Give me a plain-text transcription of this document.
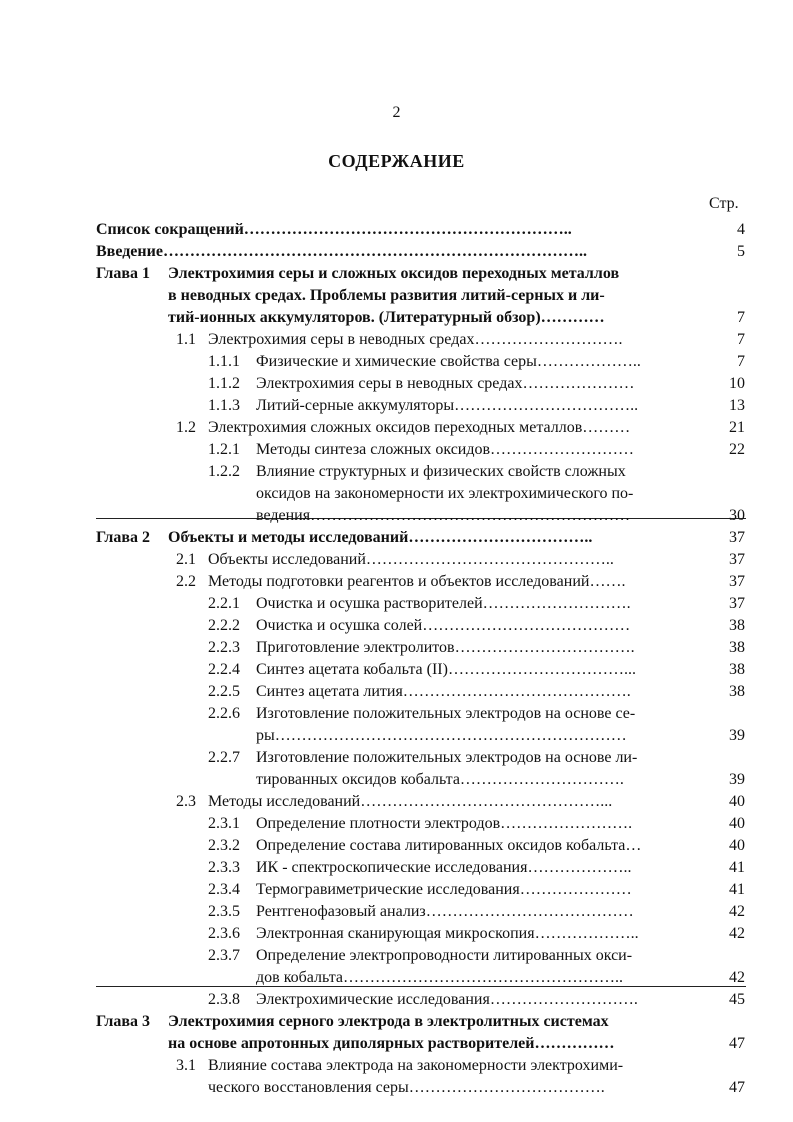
2
СОДЕРЖАНИЕ
Стр.
Список сокращений……………………………………………………..	4
Введение……………………………………………………………………..	5
Глава 1 Электрохимия серы и сложных оксидов переходных металлов
в неводных средах. Проблемы развития литий-серных и ли-
тий-ионных аккумуляторов. (Литературный обзор)…………	7
1.1 Электрохимия серы в неводных средах……………………….	7
1.1.1 Физические и химические свойства серы………………..	7
1.1.2 Электрохимия серы в неводных средах…………………	10
1.1.3 Литий-серные аккумуляторы……………………………..	13
1.2 Электрохимия сложных оксидов переходных металлов………	21
1.2.1 Методы синтеза сложных оксидов………………………	22
1.2.2 Влияние структурных и физических свойств сложных
оксидов на закономерности их электрохимического по-
ведения……………………………………………………	30
Глава 2 Объекты и методы исследований……………………………..	37
2.1 Объекты исследований………………………………………..	37
2.2 Методы подготовки реагентов и объектов исследований…….	37
2.2.1 Очистка и осушка растворителей……………………….	37
2.2.2 Очистка и осушка солей…………………………………	38
2.2.3 Приготовление электролитов…………………………….	38
2.2.4 Синтез ацетата кобальта (II)……………………………...	38
2.2.5 Синтез ацетата лития…………………………………….	38
2.2.6 Изготовление положительных электродов на основе се-
ры…………………………………………………………	39
2.2.7 Изготовление положительных электродов на основе ли-
тированных оксидов кобальта………………………….	39
2.3 Методы исследований………………………………………...	40
2.3.1 Определение плотности электродов…………………….	40
2.3.2 Определение состава литированных оксидов кобальта…	40
2.3.3 ИК - спектроскопические исследования………………..	41
2.3.4 Термогравиметрические исследования…………………	41
2.3.5 Рентгенофазовый анализ…………………………………	42
2.3.6 Электронная сканирующая микроскопия………………..	42
2.3.7 Определение электропроводности литированных окси-
дов кобальта……………………………………………..	42
2.3.8 Электрохимические исследования……………………….	45
Глава 3 Электрохимия серного электрода в электролитных системах
на основе апротонных диполярных растворителей……………	47
3.1 Влияние состава электрода на закономерности электрохими-
ческого восстановления серы……………………………….	47
